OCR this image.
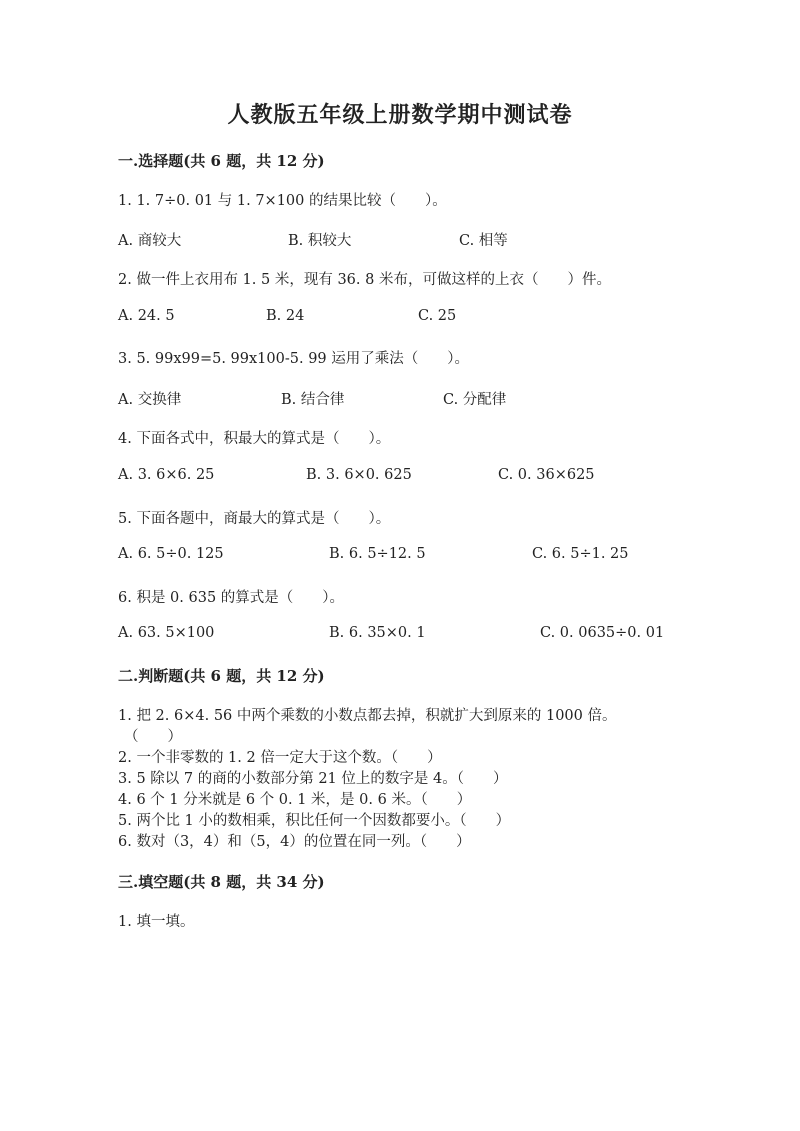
人教版五年级上册数学期中测试卷
一.选择题(共 6 题，共 12 分)
1. 1. 7÷0. 01 与 1. 7×100 的结果比较（　　）。
A. 商较大	B. 积较大	C. 相等
2. 做一件上衣用布 1. 5 米，现有 36. 8 米布，可做这样的上衣（　　）件。
A. 24. 5	B. 24	C. 25
3. 5. 99x99=5. 99x100-5. 99 运用了乘法（　　）。
A. 交换律	B. 结合律	C. 分配律
4. 下面各式中，积最大的算式是（　　）。
A. 3. 6×6. 25	B. 3. 6×0. 625	C. 0. 36×625
5. 下面各题中，商最大的算式是（　　）。
A. 6. 5÷0. 125	B. 6. 5÷12. 5	C. 6. 5÷1. 25
6. 积是 0. 635 的算式是（　　）。
A. 63. 5×100	B. 6. 35×0. 1	C. 0. 0635÷0. 01
二.判断题(共 6 题，共 12 分)
1. 把 2. 6×4. 56 中两个乘数的小数点都去掉，积就扩大到原来的 1000 倍。
（　　）
2. 一个非零数的 1. 2 倍一定大于这个数。（　　）
3. 5 除以 7 的商的小数部分第 21 位上的数字是 4。（　　）
4. 6 个 1 分米就是 6 个 0. 1 米，是 0. 6 米。（　　）
5. 两个比 1 小的数相乘，积比任何一个因数都要小。（　　）
6. 数对（3，4）和（5，4）的位置在同一列。（　　）
三.填空题(共 8 题，共 34 分)
1. 填一填。
